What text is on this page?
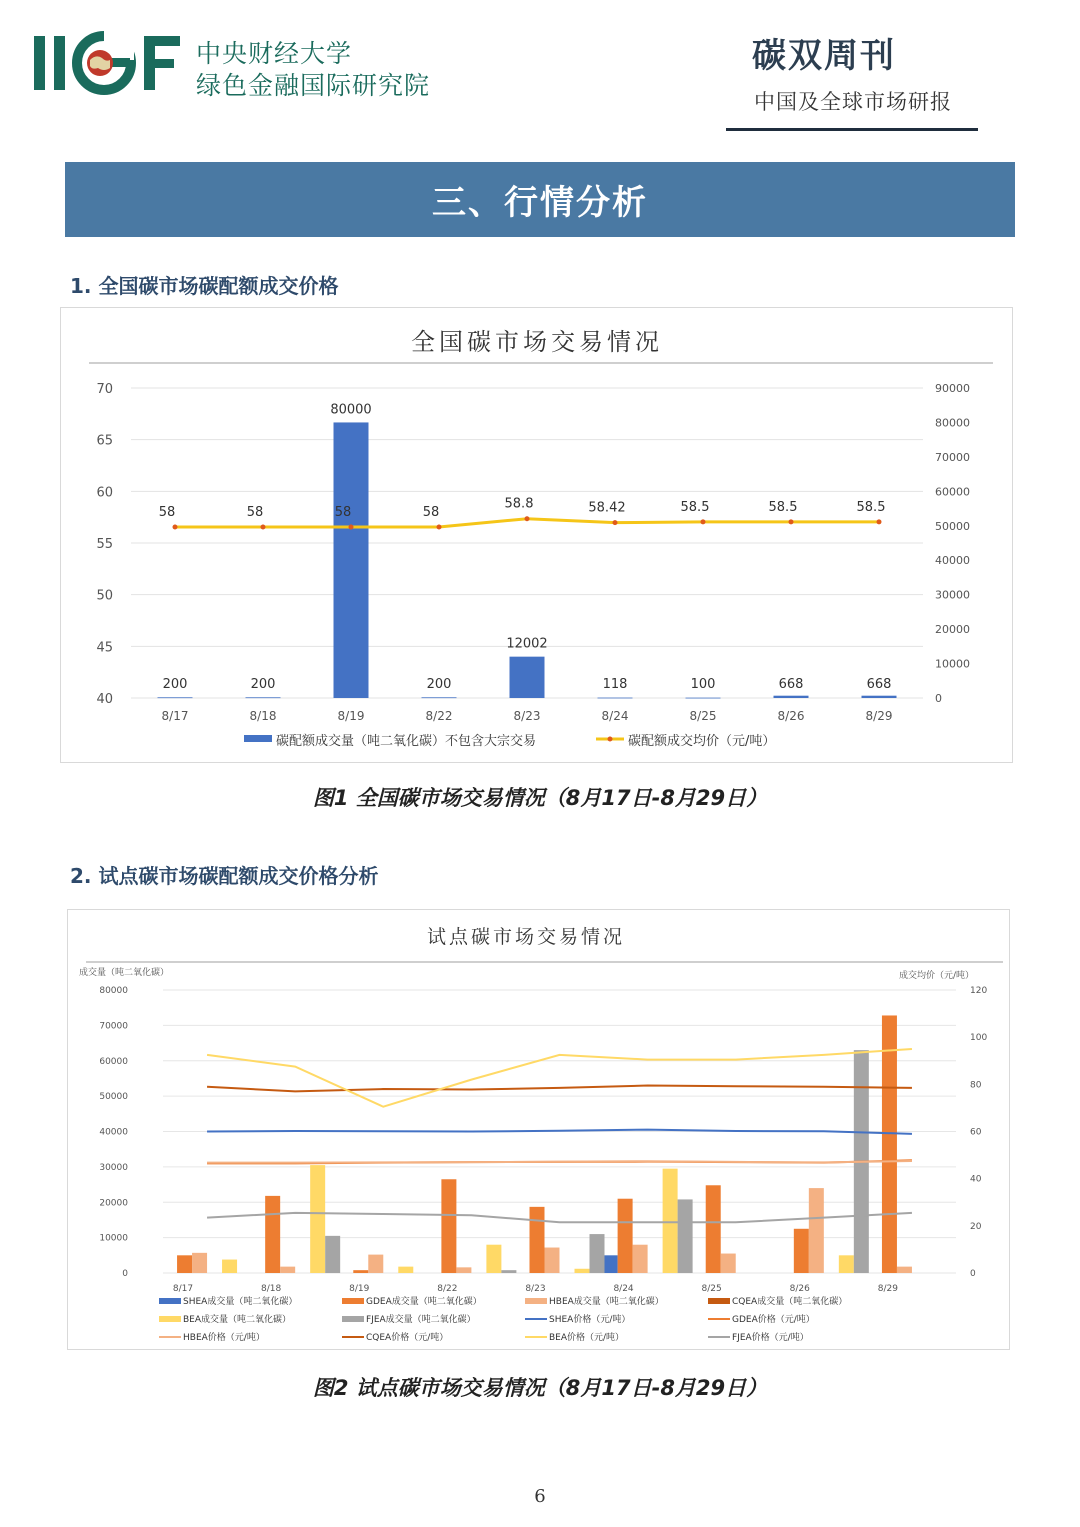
中央财经大学
绿色金融国际研究院
碳双周刊
中国及全球市场研报
三、行情分析
1. 全国碳市场碳配额成交价格
全国碳市场交易情况
200	200
80000
200
12002
118	100	668	668
58	58	58	58
58.8	58.42	58.5	58.5	58.5
40
45
50
55
60
65
70
0
10000
20000
30000
40000
50000
60000
70000
80000
90000
8/17	8/18	8/19	8/22	8/23	8/24	8/25	8/26	8/29
碳配额成交量（吨二氧化碳）不包含大宗交易	碳配额成交均价（元/吨）
图1 全国碳市场交易情况（8月17日-8月29日）
2. 试点碳市场碳配额成交价格分析
试点碳市场交易情况
成交量（吨二氧化碳）	成交均价（元/吨）
0
10000
20000
30000
40000
50000
60000
70000
80000
0
20
40
60
80
100
120
8/17	8/18	8/19	8/22	8/23	8/24	8/25	8/26	8/29
SHEA成交量（吨二氧化碳）	GDEA成交量（吨二氧化碳）	HBEA成交量（吨二氧化碳）	CQEA成交量（吨二氧化碳）
BEA成交量（吨二氧化碳）	FJEA成交量（吨二氧化碳）	SHEA价格（元/吨）	GDEA价格（元/吨）
HBEA价格（元/吨）	CQEA价格（元/吨）	BEA价格（元/吨）	FJEA价格（元/吨）
图2 试点碳市场交易情况（8月17日-8月29日）
6
